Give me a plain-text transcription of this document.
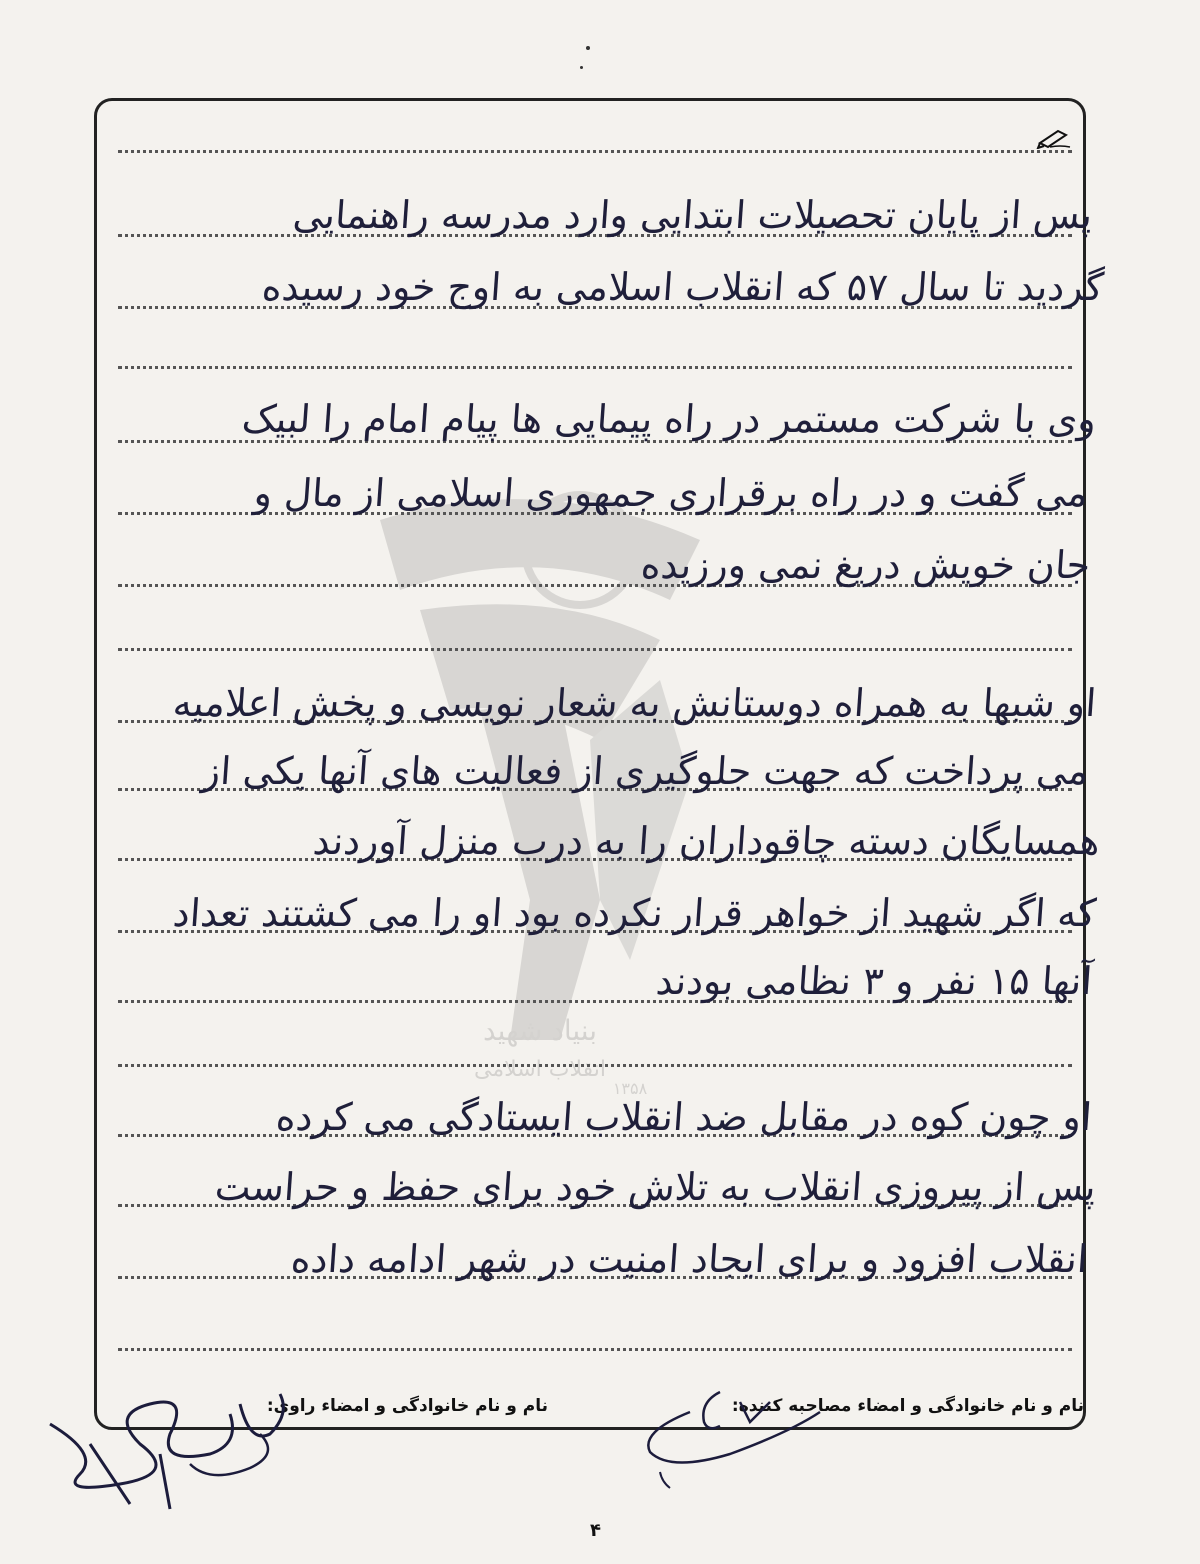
بنیاد شهید
انقلاب اسلامی
۱۳۵۸
پس از پایان تحصیلات ابتدایی وارد مدرسه راهنمایی
گردید تا سال ۵۷ که انقلاب اسلامی به اوج خود رسیده
وی با شرکت مستمر در راه پیمایی ها پیام امام را لبیک
می گفت و در راه برقراری جمهوری اسلامی از مال و
جان خویش دریغ نمی ورزیده
او شبها به همراه دوستانش به شعار نویسی و پخش اعلامیه
می پرداخت که جهت جلوگیری از فعالیت های آنها یکی از
همسایگان دسته چاقوداران را به درب منزل آوردند
که اگر شهید از خواهر قرار نکرده بود او را می کشتند تعداد
آنها ۱۵ نفر و ۳ نظامی بودند
او چون کوه در مقابل ضد انقلاب ایستادگی می کرده
پس از پیروزی انقلاب به تلاش خود برای حفظ و حراست
انقلاب افزود و برای ایجاد امنیت در شهر ادامه داده
نام و نام خانوادگی و امضاء مصاحبه کننده:
نام و نام خانوادگی و امضاء راوی:
۴
